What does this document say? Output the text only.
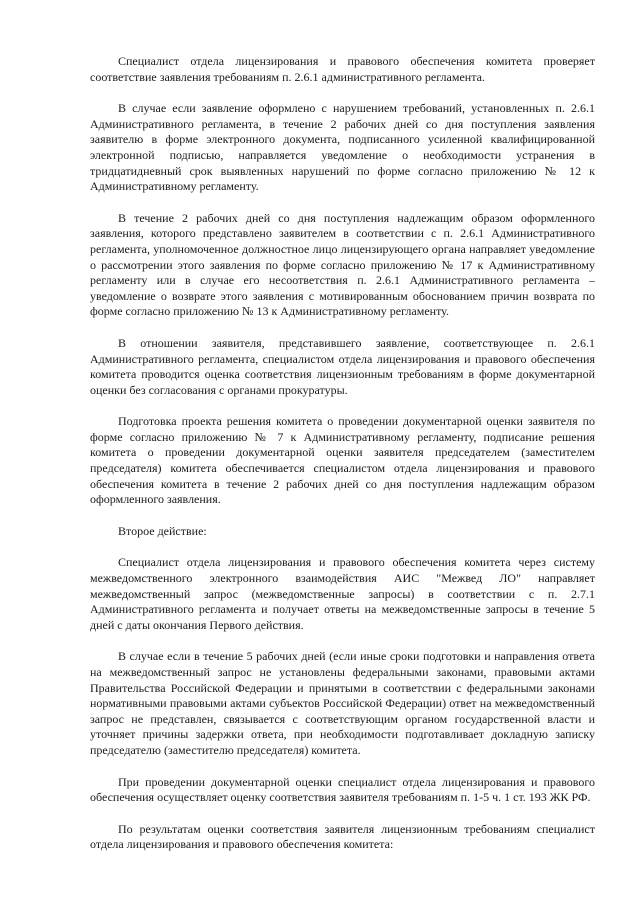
Специалист отдела лицензирования и правового обеспечения комитета проверяет соответствие заявления требованиям п. 2.6.1 административного регламента.

В случае если заявление оформлено с нарушением требований, установленных п. 2.6.1 Административного регламента, в течение 2 рабочих дней со дня поступления заявления заявителю в форме электронного документа, подписанного усиленной квалифицированной электронной подписью, направляется уведомление о необходимости устранения в тридцатидневный срок выявленных нарушений по форме согласно приложению № 12 к Административному регламенту.

В течение 2 рабочих дней со дня поступления надлежащим образом оформленного заявления, которого представлено заявителем в соответствии с п. 2.6.1 Административного регламента, уполномоченное должностное лицо лицензирующего органа направляет уведомление о рассмотрении этого заявления по форме согласно приложению № 17 к Административному регламенту или в случае его несоответствия п. 2.6.1 Административного регламента – уведомление о возврате этого заявления с мотивированным обоснованием причин возврата по форме согласно приложению № 13 к Административному регламенту.

В отношении заявителя, представившего заявление, соответствующее п. 2.6.1 Административного регламента, специалистом отдела лицензирования и правового обеспечения комитета проводится оценка соответствия лицензионным требованиям в форме документарной оценки без согласования с органами прокуратуры.

Подготовка проекта решения комитета о проведении документарной оценки заявителя по форме согласно приложению № 7 к Административному регламенту, подписание решения комитета о проведении документарной оценки заявителя председателем (заместителем председателя) комитета обеспечивается специалистом отдела лицензирования и правового обеспечения комитета в течение 2 рабочих дней со дня поступления надлежащим образом оформленного заявления.

Второе действие:

Специалист отдела лицензирования и правового обеспечения комитета через систему межведомственного электронного взаимодействия АИС "Межвед ЛО" направляет межведомственный запрос (межведомственные запросы) в соответствии с п. 2.7.1 Административного регламента и получает ответы на межведомственные запросы в течение 5 дней с даты окончания Первого действия.

В случае если в течение 5 рабочих дней (если иные сроки подготовки и направления ответа на межведомственный запрос не установлены федеральными законами, правовыми актами Правительства Российской Федерации и принятыми в соответствии с федеральными законами нормативными правовыми актами субъектов Российской Федерации) ответ на межведомственный запрос не представлен, связывается с соответствующим органом государственной власти и уточняет причины задержки ответа, при необходимости подготавливает докладную записку председателю (заместителю председателя) комитета.

При проведении документарной оценки специалист отдела лицензирования и правового обеспечения осуществляет оценку соответствия заявителя требованиям п. 1-5 ч. 1 ст. 193 ЖК РФ.

По результатам оценки соответствия заявителя лицензионным требованиям специалист отдела лицензирования и правового обеспечения комитета:
